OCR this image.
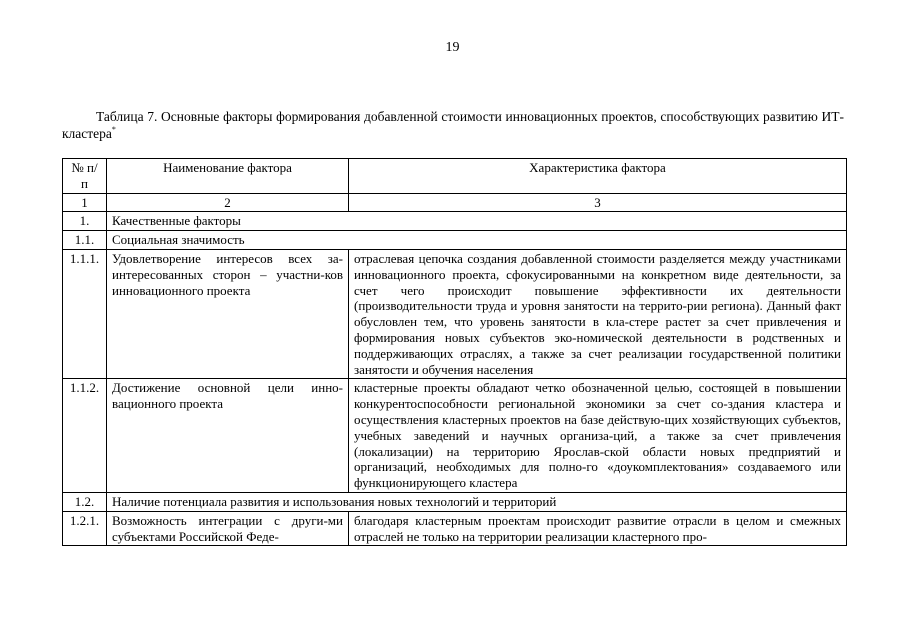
19
Таблица 7. Основные факторы формирования добавленной стоимости инновационных проектов, способствующих развитию ИТ-кластера*
№ п/п	Наименование фактора	Характеристика фактора
1	2	3
1.	Качественные факторы	
1.1.	Социальная значимость	
1.1.1.	Удовлетворение интересов всех за-интересованных сторон – участни-ков инновационного проекта	отраслевая цепочка создания добавленной стоимости разделяется между участниками инновационного проекта, сфокусированными на конкретном виде деятельности, за счет чего происходит повышение эффективности их деятельности (производительности труда и уровня занятости на террито-рии региона). Данный факт обусловлен тем, что уровень занятости в кла-стере растет за счет привлечения и формирования новых субъектов эко-номической деятельности в родственных и поддерживающих отраслях, а также за счет реализации государственной политики занятости и обучения населения
1.1.2.	Достижение основной цели инно-вационного проекта	кластерные проекты обладают четко обозначенной целью, состоящей в повышении конкурентоспособности региональной экономики за счет со-здания кластера и осуществления кластерных проектов на базе действую-щих хозяйствующих субъектов, учебных заведений и научных организа-ций, а также за счет привлечения (локализации) на территорию Ярослав-ской области новых предприятий и организаций, необходимых для полно-го «доукомплектования» создаваемого или функционирующего кластера
1.2.	Наличие потенциала развития и использования новых технологий и территорий	
1.2.1.	Возможность интеграции с други-ми субъектами Российской Феде-	благодаря кластерным проектам происходит развитие отрасли в целом и смежных отраслей не только на территории реализации кластерного про-
